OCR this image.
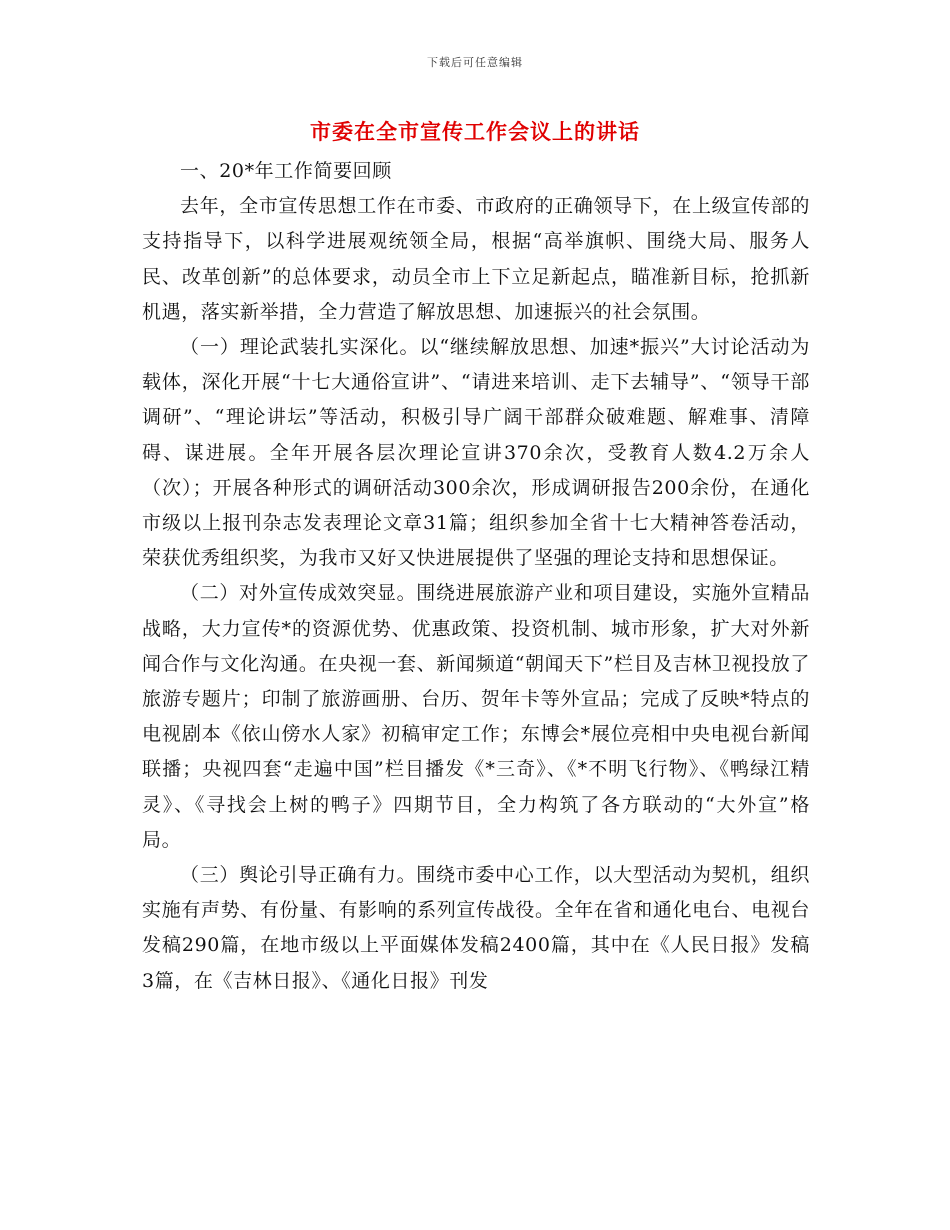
下载后可任意编辑
市委在全市宣传工作会议上的讲话

一、20*年工作简要回顾

去年，全市宣传思想工作在市委、市政府的正确领导下，在上级宣传部的支持指导下，以科学进展观统领全局，根据“高举旗帜、围绕大局、服务人民、改革创新”的总体要求，动员全市上下立足新起点，瞄准新目标，抢抓新机遇，落实新举措，全力营造了解放思想、加速振兴的社会氛围。

（一）理论武装扎实深化。以“继续解放思想、加速*振兴”大讨论活动为载体，深化开展“十七大通俗宣讲”、“请进来培训、走下去辅导”、“领导干部调研”、“理论讲坛”等活动，积极引导广阔干部群众破难题、解难事、清障碍、谋进展。全年开展各层次理论宣讲370余次，受教育人数4.2万余人（次）；开展各种形式的调研活动300余次，形成调研报告200余份，在通化市级以上报刊杂志发表理论文章31篇；组织参加全省十七大精神答卷活动，荣获优秀组织奖，为我市又好又快进展提供了坚强的理论支持和思想保证。

（二）对外宣传成效突显。围绕进展旅游产业和项目建设，实施外宣精品战略，大力宣传*的资源优势、优惠政策、投资机制、城市形象，扩大对外新闻合作与文化沟通。在央视一套、新闻频道“朝闻天下”栏目及吉林卫视投放了旅游专题片；印制了旅游画册、台历、贺年卡等外宣品；完成了反映*特点的电视剧本《依山傍水人家》初稿审定工作；东博会*展位亮相中央电视台新闻联播；央视四套“走遍中国”栏目播发《*三奇》、《*不明飞行物》、《鸭绿江精灵》、《寻找会上树的鸭子》四期节目，全力构筑了各方联动的“大外宣”格局。

（三）舆论引导正确有力。围绕市委中心工作，以大型活动为契机，组织实施有声势、有份量、有影响的系列宣传战役。全年在省和通化电台、电视台发稿290篇，在地市级以上平面媒体发稿2400篇，其中在《人民日报》发稿3篇，在《吉林日报》、《通化日报》刊发
